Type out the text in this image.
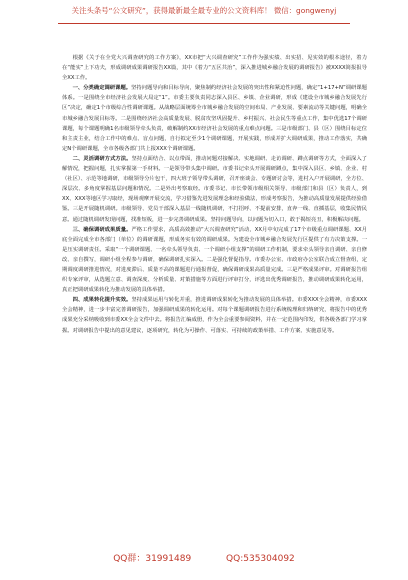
关注头条号“公文研究”，获得最新最全最专业的公文资料库！ 微信：gongwenyj

根据《关于在全党大兴调查研究的工作方案》，XX市把“大兴调查研究”工作作为强实绩、出实招、见实效的根本途径，着力在“能实”上下功夫，形成调研成果调研报告XX篇，其中《着力“五区共治”，深入推进城乡融合发展的调研报告》被XXXX简报报导全XX工作。

一、分类确定调研课题。坚持问题导向和目标导向，聚焦制约经济社会发展的突出性和紧迫性问题，确定“1+17+N”调研课题体系。一是围绕全市经济社会发展大局定“1”。市委主要负责同志深入县区、乡镇、企业调研，形成《建设全市城乡融合发展先行区”决定，确定1个市级综合性调研课题。从战略层面统筹全市城乡融合发展的空间布局、产业发展、要素流动等关键问题，明确全市城乡融合发展目标等。二是围绕经济社会高质量发展、脱贫攻坚巩固提升、乡村振兴、社会民生等重点工作，集中优选17个调研课题，每个课题明确1名市级领导牵头负责，破解制约XX市经济社会发展的重点难点问题。三是市级部门、县（区）围绕目标定位和主责主业，结合工作中的难点、盲点问题，自行拟定至少1个调研课题，开展实践，形成并扩大调研成果，推动工作落实，共确定N个调研课题，全市各级各部门共上报XXX个调研课题。

二、灵活调研方式方法。坚持点面结合、以点带面，推动问题对接解决、实地调研、走访调研、蹲点调研等方式，全面深入了解情况，把握问题，扎实掌握第一手材料。一是领导带头集中调研。市委书记牵头开展调研蹲点，集中深入县区、乡镇、企业、村（社区）、示范等地调研，市级领导分片包干，四大班子领导带头调研，召开座谈会、专题研讨会等，进村入户开展调研，全方位、深层次、多角度掌握基层问题和情况。二是外出考察取经。市委书记、市长带领市级相关领导、市级部门和县（区）负责人，到XX、XXX等地区学习取经，现场观摩开展交流，学习借鉴先进发展理念和经验做法，形成考察报告，为推动高质量发展提供经验借鉴。三是开展随机调研。市级领导、党员干部深入基层一线随机调研，不打招呼、不提前安排，直奔一线、直插基层，收集民情民意。通过随机调研发现问题，找准短板，进一步完善调研成果。坚持问题导向，以问题为切入口，敢于揭短亮丑，积极解决问题。

三、确保调研成果质量。严格工作要求，高质高效推动“大兴调查研究”活动，XX月中旬完成了17个市级重点调研课题、XX月底全面完成全市各部门（单位）的调研课题，形成务实有效的调研成果。为建设全市城乡融合发展先行区提供了有力决策支撑。一是压实调研责任。采取“一个调研课题、一名牵头领导负责、一个调研小组支撑”的调研工作机制，要求牵头领导亲自调研、亲自修改、亲自撰写，调研小组全程参与调研，确保调研扎实深入。二是强化督促指导。市委办公室、市政府办公室联合成立督查组，定期调度调研推进情况，对进度滞后、质量不高的课题进行通报督促，确保调研成果高质量完成。三是严格成果评审。对调研报告组织专家评审，从选题立意、调查深度、分析质量、对策措施等方面进行评审打分，评选出优秀调研报告，推动调研成果转化运用，真正把调研成果转化为推动发展的具体举措。

四、成果转化提升实效。坚持成果运用与转化并重，推进调研成果转化为推动发展的具体举措。市委XXX全会精神，市委XXX全会精神，进一步丰富完善调研报告，加强调研成果的转化运用。对每个课题调研报告进行系统梳理和归纳研究，将报告中的优秀成果充分采纳吸收到市委XX全会文件中去。将报告汇编成册，作为全会重要参阅资料，并在一定范围内印发，供各级各部门学习掌握。对调研报告中提出的意见建议，逐项研究，转化为可操作、可落实、可持续的政策举措、工作方案、实施意见等。

QQ群：31991489	QQ:535304092
